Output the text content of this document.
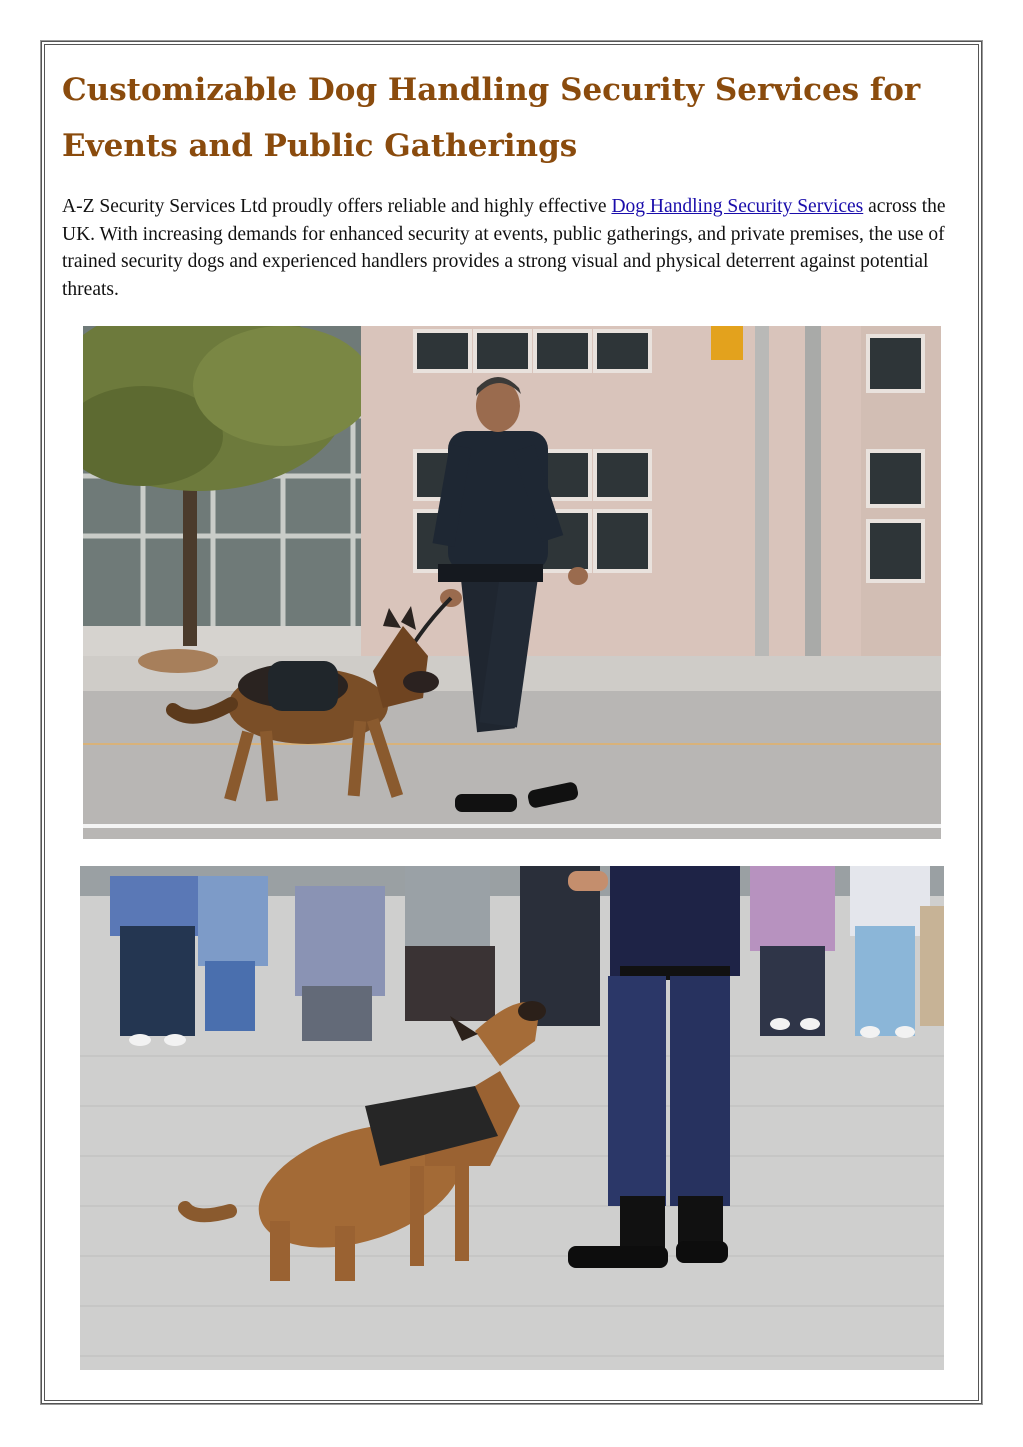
Customizable Dog Handling Security Services for Events and Public Gatherings

A-Z Security Services Ltd proudly offers reliable and highly effective Dog Handling Security Services across the UK. With increasing demands for enhanced security at events, public gatherings, and private premises, the use of trained security dogs and experienced handlers provides a strong visual and physical deterrent against potential threats.
